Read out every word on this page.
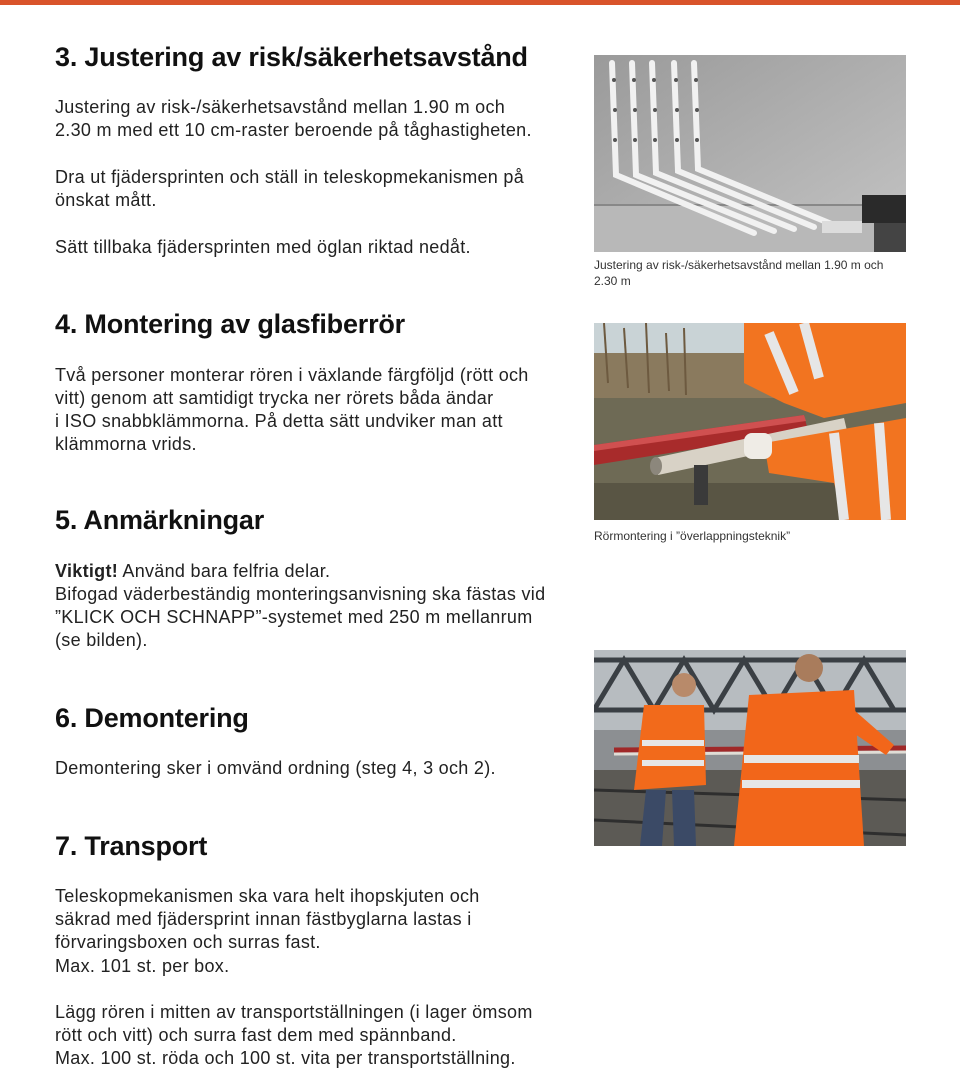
3. Justering av risk/säkerhetsavstånd

Justering av risk-/säkerhetsavstånd mellan 1.90 m och

2.30 m med ett 10 cm-raster beroende på tåghastigheten.

Dra ut fjädersprinten och ställ in teleskopmekanismen på

önskat mått.

Sätt tillbaka fjädersprinten med öglan riktad nedåt.

Justering av risk-/säkerhetsavstånd mellan 1.90 m och

2.30 m

4. Montering av glasfiberrör

Två personer monterar rören i växlande färgföljd (rött och

vitt) genom att samtidigt trycka ner rörets båda ändar

i ISO snabbklämmorna. På detta sätt undviker man att

klämmorna vrids.

Rörmontering i ”överlappningsteknik”

5. Anmärkningar

Viktigt! Använd bara felfria delar.

Bifogad väderbeständig monteringsanvisning ska fästas vid

”KLICK OCH SCHNAPP”-systemet med 250 m mellanrum

(se bilden).

6. Demontering

Demontering sker i omvänd ordning (steg 4, 3 och 2).

7. Transport

Teleskopmekanismen ska vara helt ihopskjuten och

säkrad med fjädersprint innan fästbyglarna lastas i

förvaringsboxen och surras fast.

Max. 101 st. per box.

Lägg rören i mitten av transportställningen (i lager ömsom

rött och vitt) och surra fast dem med spännband.

Max. 100 st. röda och 100 st. vita per transportställning.
